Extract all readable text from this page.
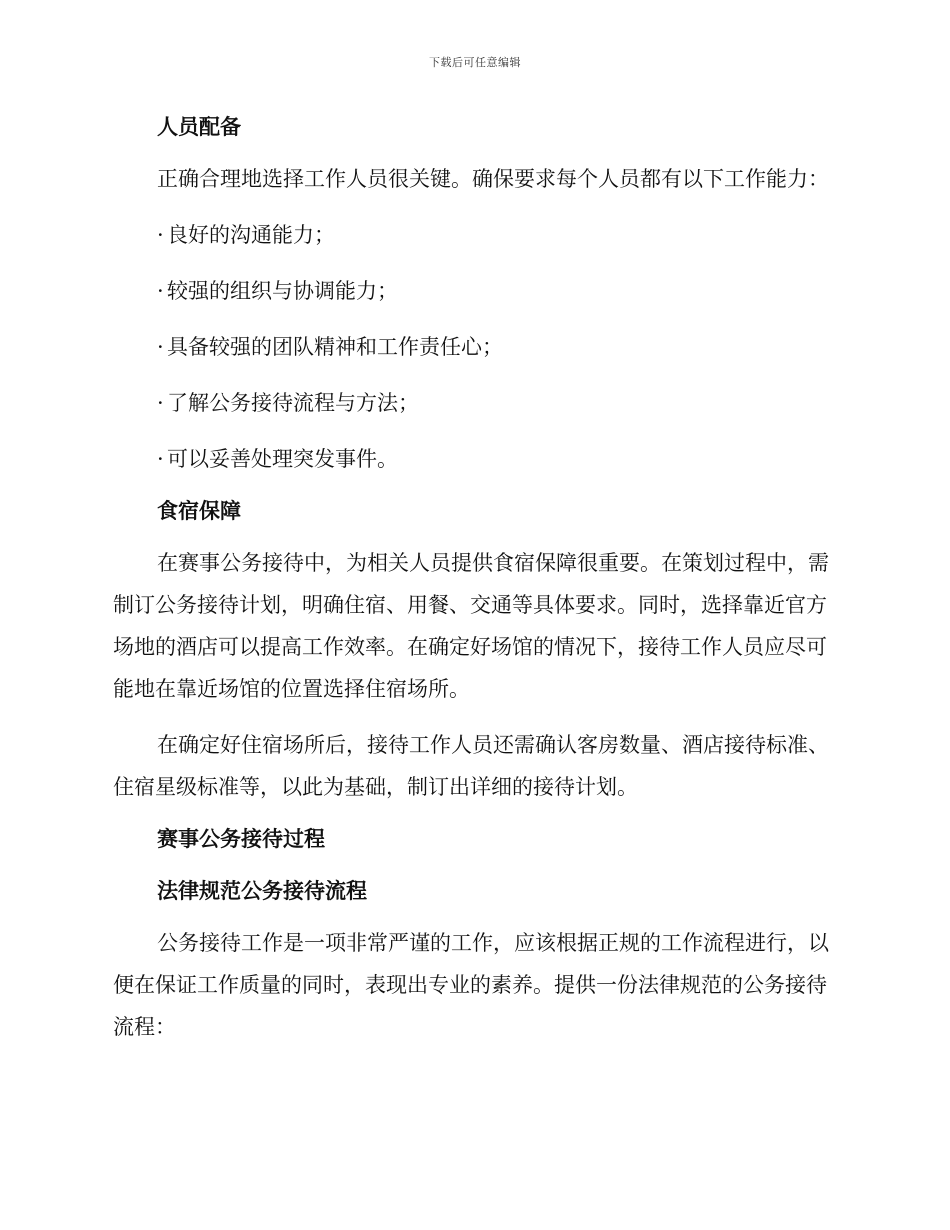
下载后可任意编辑
人员配备

正确合理地选择工作人员很关键。确保要求每个人员都有以下工作能力：

· 良好的沟通能力；
· 较强的组织与协调能力；
· 具备较强的团队精神和工作责任心；
· 了解公务接待流程与方法；
· 可以妥善处理突发事件。
食宿保障

在赛事公务接待中，为相关人员提供食宿保障很重要。在策划过程中，需制订公务接待计划，明确住宿、用餐、交通等具体要求。同时，选择靠近官方场地的酒店可以提高工作效率。在确定好场馆的情况下，接待工作人员应尽可能地在靠近场馆的位置选择住宿场所。

在确定好住宿场所后，接待工作人员还需确认客房数量、酒店接待标准、住宿星级标准等，以此为基础，制订出详细的接待计划。

赛事公务接待过程
法律规范公务接待流程

公务接待工作是一项非常严谨的工作，应该根据正规的工作流程进行，以便在保证工作质量的同时，表现出专业的素养。提供一份法律规范的公务接待流程：
